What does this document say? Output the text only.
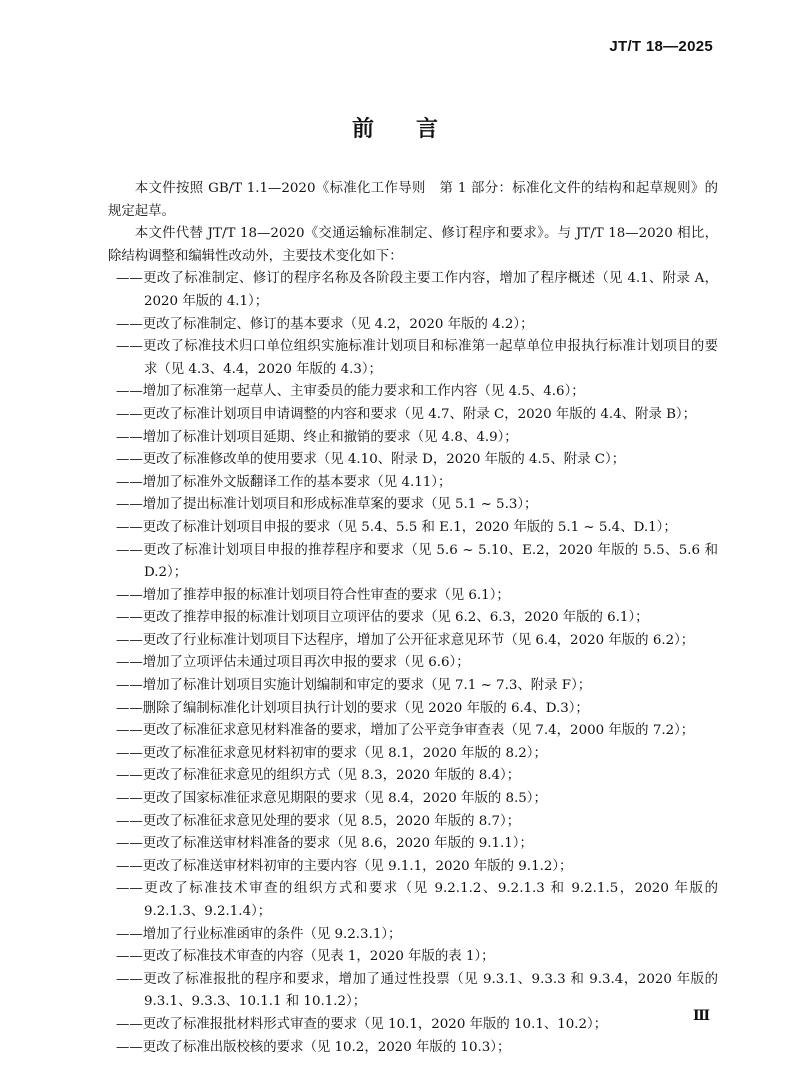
JT/T 18—2025
前言

本文件按照 GB/T 1.1—2020《标准化工作导则　第 1 部分：标准化文件的结构和起草规则》的规定起草。

本文件代替 JT/T 18—2020《交通运输标准制定、修订程序和要求》。与 JT/T 18—2020 相比，除结构调整和编辑性改动外，主要技术变化如下：

——更改了标准制定、修订的程序名称及各阶段主要工作内容，增加了程序概述（见 4.1、附录 A，2020 年版的 4.1）；
——更改了标准制定、修订的基本要求（见 4.2，2020 年版的 4.2）；
——更改了标准技术归口单位组织实施标准计划项目和标准第一起草单位申报执行标准计划项目的要求（见 4.3、4.4，2020 年版的 4.3）；
——增加了标准第一起草人、主审委员的能力要求和工作内容（见 4.5、4.6）；
——更改了标准计划项目申请调整的内容和要求（见 4.7、附录 C，2020 年版的 4.4、附录 B）；
——增加了标准计划项目延期、终止和撤销的要求（见 4.8、4.9）；
——更改了标准修改单的使用要求（见 4.10、附录 D，2020 年版的 4.5、附录 C）；
——增加了标准外文版翻译工作的基本要求（见 4.11）；
——增加了提出标准计划项目和形成标准草案的要求（见 5.1 ~ 5.3）；
——更改了标准计划项目申报的要求（见 5.4、5.5 和 E.1，2020 年版的 5.1 ~ 5.4、D.1）；
——更改了标准计划项目申报的推荐程序和要求（见 5.6 ~ 5.10、E.2，2020 年版的 5.5、5.6 和 D.2）；
——增加了推荐申报的标准计划项目符合性审查的要求（见 6.1）；
——更改了推荐申报的标准计划项目立项评估的要求（见 6.2、6.3，2020 年版的 6.1）；
——更改了行业标准计划项目下达程序，增加了公开征求意见环节（见 6.4，2020 年版的 6.2）；
——增加了立项评估未通过项目再次申报的要求（见 6.6）；
——增加了标准计划项目实施计划编制和审定的要求（见 7.1 ~ 7.3、附录 F）；
——删除了编制标准化计划项目执行计划的要求（见 2020 年版的 6.4、D.3）；
——更改了标准征求意见材料准备的要求，增加了公平竞争审查表（见 7.4，2000 年版的 7.2）；
——更改了标准征求意见材料初审的要求（见 8.1，2020 年版的 8.2）；
——更改了标准征求意见的组织方式（见 8.3，2020 年版的 8.4）；
——更改了国家标准征求意见期限的要求（见 8.4，2020 年版的 8.5）；
——更改了标准征求意见处理的要求（见 8.5，2020 年版的 8.7）；
——更改了标准送审材料准备的要求（见 8.6，2020 年版的 9.1.1）；
——更改了标准送审材料初审的主要内容（见 9.1.1，2020 年版的 9.1.2）；
——更改了标准技术审查的组织方式和要求（见 9.2.1.2、9.2.1.3 和 9.2.1.5，2020 年版的 9.2.1.3、9.2.1.4）；
——增加了行业标准函审的条件（见 9.2.3.1）；
——更改了标准技术审查的内容（见表 1，2020 年版的表 1）；
——更改了标准报批的程序和要求，增加了通过性投票（见 9.3.1、9.3.3 和 9.3.4，2020 年版的 9.3.1、9.3.3、10.1.1 和 10.1.2）；
——更改了标准报批材料形式审查的要求（见 10.1，2020 年版的 10.1、10.2）；
——更改了标准出版校核的要求（见 10.2，2020 年版的 10.3）；
Ⅲ
